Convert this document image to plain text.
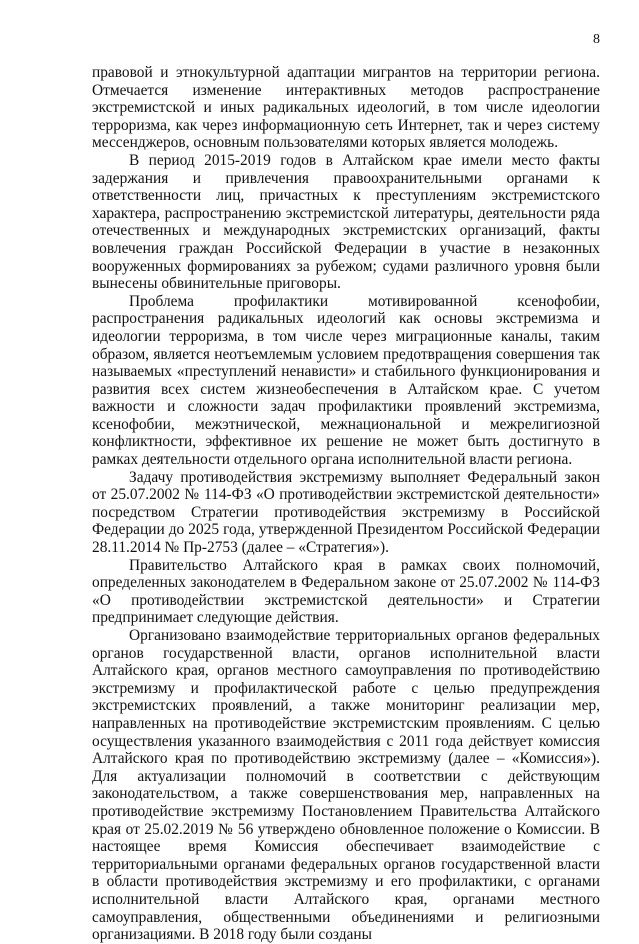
8

правовой и этнокультурной адаптации мигрантов на территории региона. Отмечается изменение интерактивных методов распространение экстремистской и иных радикальных идеологий, в том числе идеологии терроризма, как через информационную сеть Интернет, так и через систему мессенджеров, основным пользователями которых является молодежь.

В период 2015-2019 годов в Алтайском крае имели место факты задержания и привлечения правоохранительными органами к ответственности лиц, причастных к преступлениям экстремистского характера, распространению экстремистской литературы, деятельности ряда отечественных и международных экстремистских организаций, факты вовлечения граждан Российской Федерации в участие в незаконных вооруженных формированиях за рубежом; судами различного уровня были вынесены обвинительные приговоры.

Проблема профилактики мотивированной ксенофобии, распространения радикальных идеологий как основы экстремизма и идеологии терроризма, в том числе через миграционные каналы, таким образом, является неотъемлемым условием предотвращения совершения так называемых «преступлений ненависти» и стабильного функционирования и развития всех систем жизнеобеспечения в Алтайском крае. С учетом важности и сложности задач профилактики проявлений экстремизма, ксенофобии, межэтнической, межнациональной и межрелигиозной конфликтности, эффективное их решение не может быть достигнуто в рамках деятельности отдельного органа исполнительной власти региона.

Задачу противодействия экстремизму выполняет Федеральный закон от 25.07.2002 № 114-ФЗ «О противодействии экстремистской деятельности» посредством Стратегии противодействия экстремизму в Российской Федерации до 2025 года, утвержденной Президентом Российской Федерации 28.11.2014 № Пр-2753 (далее – «Стратегия»).

Правительство Алтайского края в рамках своих полномочий, определенных законодателем в Федеральном законе от 25.07.2002 № 114-ФЗ «О противодействии экстремистской деятельности» и Стратегии предпринимает следующие действия.

Организовано взаимодействие территориальных органов федеральных органов государственной власти, органов исполнительной власти Алтайского края, органов местного самоуправления по противодействию экстремизму и профилактической работе с целью предупреждения экстремистских проявлений, а также мониторинг реализации мер, направленных на противодействие экстремистским проявлениям. С целью осуществления указанного взаимодействия с 2011 года действует комиссия Алтайского края по противодействию экстремизму (далее – «Комиссия»). Для актуализации полномочий в соответствии с действующим законодательством, а также совершенствования мер, направленных на противодействие экстремизму Постановлением Правительства Алтайского края от 25.02.2019 № 56 утверждено обновленное положение о Комиссии. В настоящее время Комиссия обеспечивает взаимодействие с территориальными органами федеральных органов государственной власти в области противодействия экстремизму и его профилактики, с органами исполнительной власти Алтайского края, органами местного самоуправления, общественными объединениями и религиозными организациями. В 2018 году были созданы
